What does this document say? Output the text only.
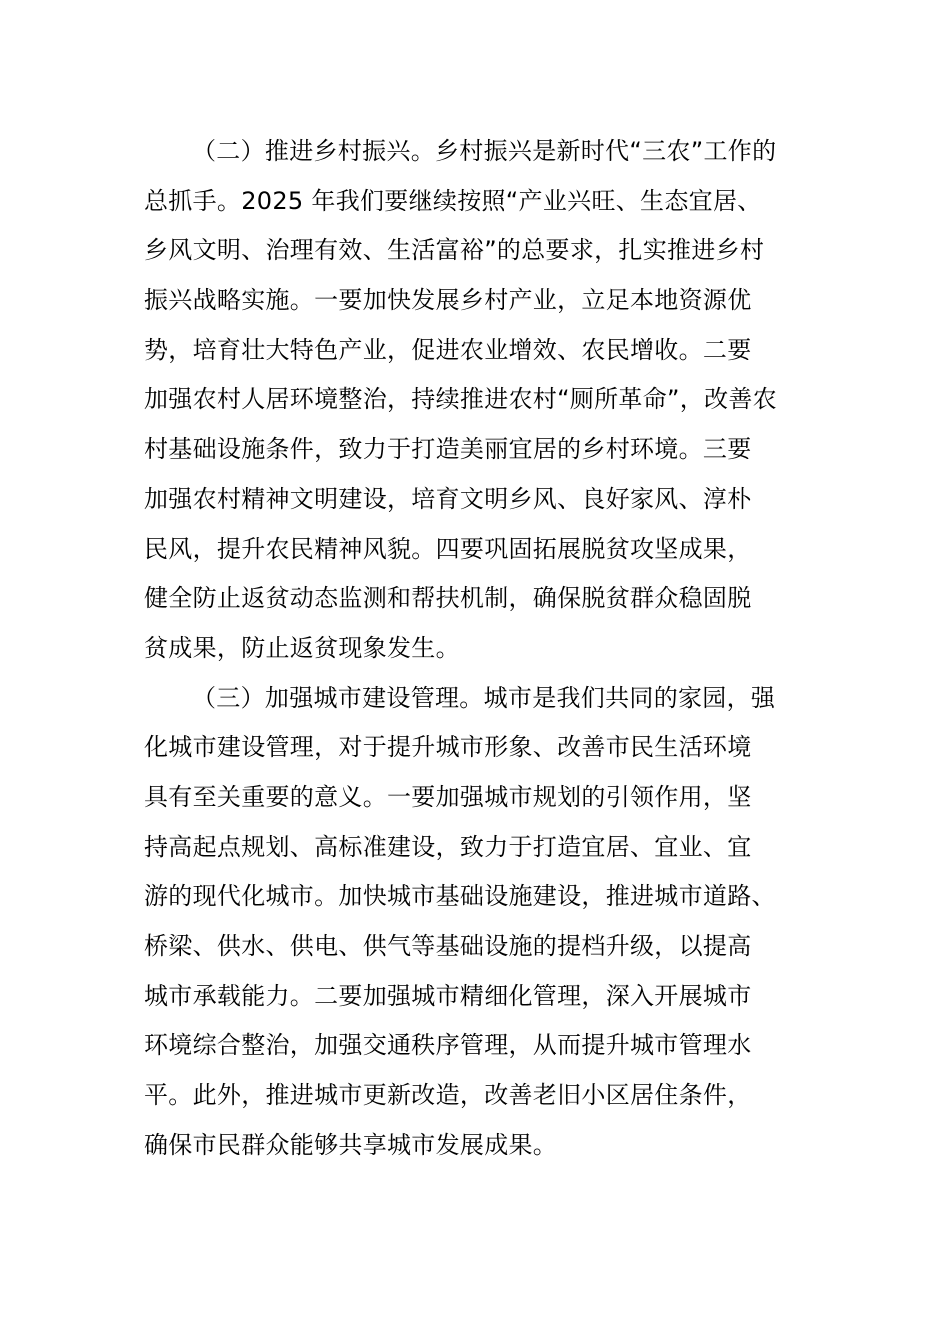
（二）推进乡村振兴。乡村振兴是新时代“三农”工作的
总抓手。2025 年我们要继续按照“产业兴旺、生态宜居、
乡风文明、治理有效、生活富裕”的总要求，扎实推进乡村
振兴战略实施。一要加快发展乡村产业，立足本地资源优
势，培育壮大特色产业，促进农业增效、农民增收。二要
加强农村人居环境整治，持续推进农村“厕所革命”，改善农
村基础设施条件，致力于打造美丽宜居的乡村环境。三要
加强农村精神文明建设，培育文明乡风、良好家风、淳朴
民风，提升农民精神风貌。四要巩固拓展脱贫攻坚成果，
健全防止返贫动态监测和帮扶机制，确保脱贫群众稳固脱
贫成果，防止返贫现象发生。
（三）加强城市建设管理。城市是我们共同的家园，强
化城市建设管理，对于提升城市形象、改善市民生活环境
具有至关重要的意义。一要加强城市规划的引领作用，坚
持高起点规划、高标准建设，致力于打造宜居、宜业、宜
游的现代化城市。加快城市基础设施建设，推进城市道路、
桥梁、供水、供电、供气等基础设施的提档升级，以提高
城市承载能力。二要加强城市精细化管理，深入开展城市
环境综合整治，加强交通秩序管理，从而提升城市管理水
平。此外，推进城市更新改造，改善老旧小区居住条件，
确保市民群众能够共享城市发展成果。
